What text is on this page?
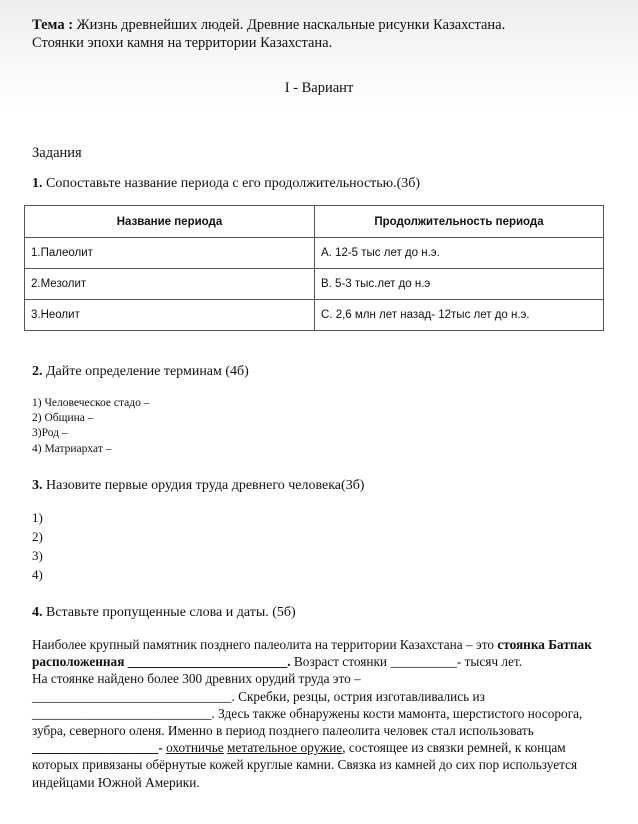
Тема : Жизнь древнейших людей. Древние наскальные рисунки Казахстана.
Стоянки эпохи камня на территории Казахстана.
I - Вариант
Задания
1. Сопоставьте название периода с его продолжительностью.(3б)
Название периода	Продолжительность периода
1.Палеолит	A. 12-5 тыс лет до н.э.
2.Мезолит	B. 5-3 тыс.лет до н.э
3.Неолит	C. 2,6 млн лет назад- 12тыс лет до н.э.
2. Дайте определение терминам (4б)
1) Человеческое стадо –
2) Община –
3)Род –
4) Матриархат –
3. Назовите первые орудия труда древнего человека(3б)
1)
2)
3)
4)
4. Вставьте пропущенные слова и даты. (5б)

Наиболее крупный памятник позднего палеолита на территории Казахстана – это стоянка Батпак расположенная ________________________. Возраст стоянки __________- тысяч лет.

На стоянке найдено более 300 древних орудий труда это –

______________________________. Скребки, резцы, острия изготавливались из ___________________________. Здесь также обнаружены кости мамонта, шерстистого носорога, зубра, северного оленя. Именно в период позднего палеолита человек стал использовать ___________________- охотничье метательное оружие, состоящее из связки ремней, к концам которых привязаны обёрнутые кожей круглые камни. Связка из камней до сих пор используется индейцами Южной Америки.
